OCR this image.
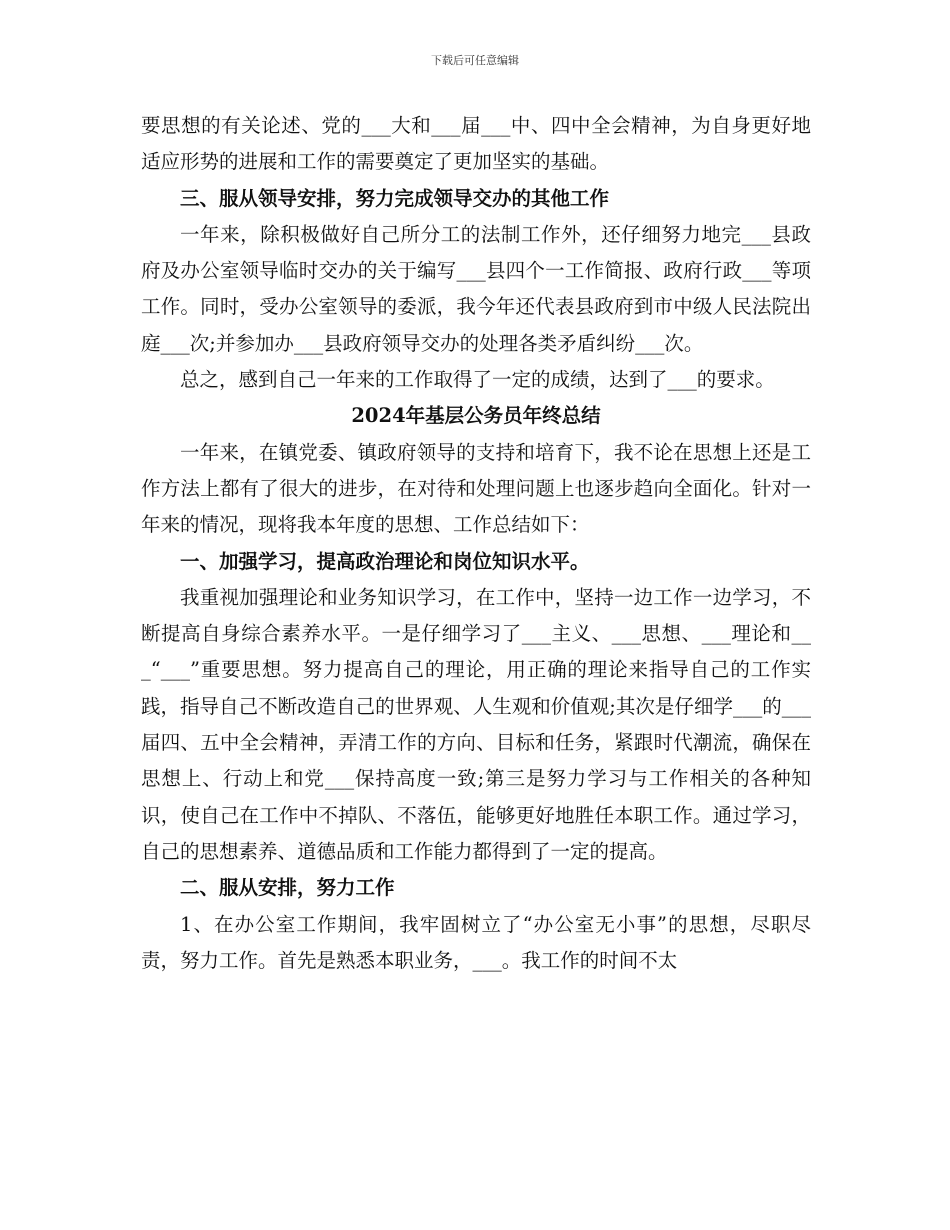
下载后可任意编辑

要思想的有关论述、党的___大和___届___中、四中全会精神，为自身更好地适应形势的进展和工作的需要奠定了更加坚实的基础。

三、服从领导安排，努力完成领导交办的其他工作

一年来，除积极做好自己所分工的法制工作外，还仔细努力地完___县政府及办公室领导临时交办的关于编写___县四个一工作简报、政府行政___等项工作。同时，受办公室领导的委派，我今年还代表县政府到市中级人民法院出庭___次;并参加办___县政府领导交办的处理各类矛盾纠纷___次。

总之，感到自己一年来的工作取得了一定的成绩，达到了___的要求。

2024年基层公务员年终总结

一年来，在镇党委、镇政府领导的支持和培育下，我不论在思想上还是工作方法上都有了很大的进步，在对待和处理问题上也逐步趋向全面化。针对一年来的情况，现将我本年度的思想、工作总结如下：

一、加强学习，提高政治理论和岗位知识水平。

我重视加强理论和业务知识学习，在工作中，坚持一边工作一边学习，不断提高自身综合素养水平。一是仔细学习了___主义、___思想、___理论和___“___”重要思想。努力提高自己的理论，用正确的理论来指导自己的工作实践，指导自己不断改造自己的世界观、人生观和价值观;其次是仔细学___的___届四、五中全会精神，弄清工作的方向、目标和任务，紧跟时代潮流，确保在思想上、行动上和党___保持高度一致;第三是努力学习与工作相关的各种知识，使自己在工作中不掉队、不落伍，能够更好地胜任本职工作。通过学习，自己的思想素养、道德品质和工作能力都得到了一定的提高。

二、服从安排，努力工作

1、在办公室工作期间，我牢固树立了“办公室无小事”的思想，尽职尽责，努力工作。首先是熟悉本职业务，___。我工作的时间不太
